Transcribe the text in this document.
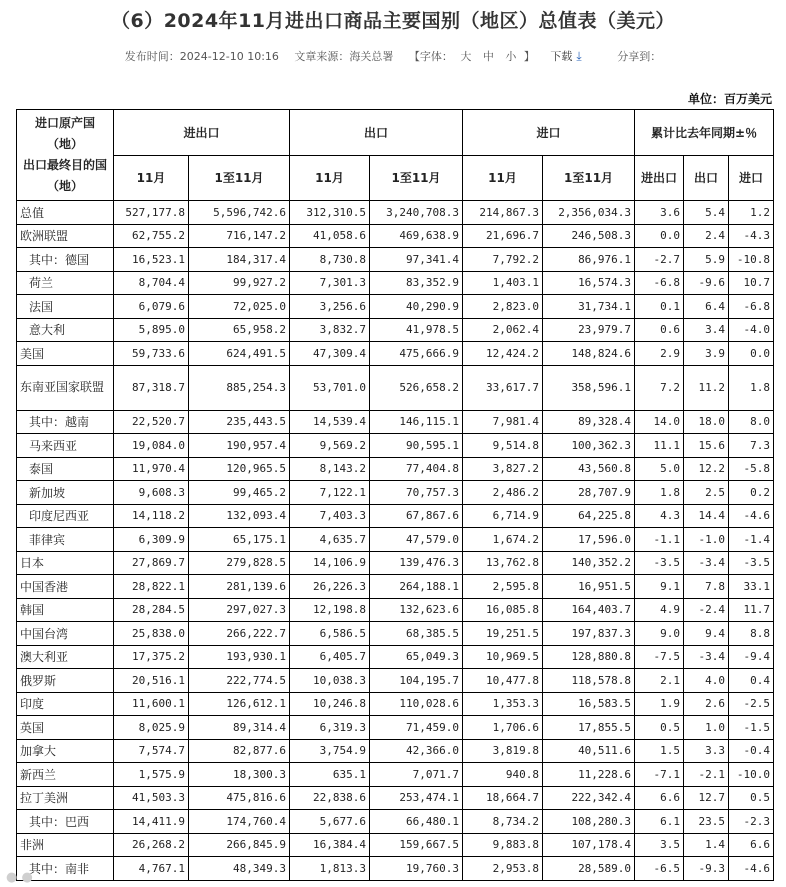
（6）2024年11月进出口商品主要国别（地区）总值表（美元）
发布时间：2024-12-10 10:16 文章来源：海关总署 【字体： 大 中 小 】 下载 ⤓	分享到：
单位：百万美元
进口原产国（地）
出口最终目的国（地）	进出口		出口		进口		累计比去年同期±％		
	11月	1至11月	11月	1至11月	11月	1至11月	进出口	出口	进口
总值	527,177.8	5,596,742.6	312,310.5	3,240,708.3	214,867.3	2,356,034.3	3.6	5.4	1.2
欧洲联盟	62,755.2	716,147.2	41,058.6	469,638.9	21,696.7	246,508.3	0.0	2.4	-4.3
其中：德国	16,523.1	184,317.4	8,730.8	97,341.4	7,792.2	86,976.1	-2.7	5.9	-10.8
荷兰	8,704.4	99,927.2	7,301.3	83,352.9	1,403.1	16,574.3	-6.8	-9.6	10.7
法国	6,079.6	72,025.0	3,256.6	40,290.9	2,823.0	31,734.1	0.1	6.4	-6.8
意大利	5,895.0	65,958.2	3,832.7	41,978.5	2,062.4	23,979.7	0.6	3.4	-4.0
美国	59,733.6	624,491.5	47,309.4	475,666.9	12,424.2	148,824.6	2.9	3.9	0.0
东南亚国家联盟	87,318.7	885,254.3	53,701.0	526,658.2	33,617.7	358,596.1	7.2	11.2	1.8
其中：越南	22,520.7	235,443.5	14,539.4	146,115.1	7,981.4	89,328.4	14.0	18.0	8.0
马来西亚	19,084.0	190,957.4	9,569.2	90,595.1	9,514.8	100,362.3	11.1	15.6	7.3
泰国	11,970.4	120,965.5	8,143.2	77,404.8	3,827.2	43,560.8	5.0	12.2	-5.8
新加坡	9,608.3	99,465.2	7,122.1	70,757.3	2,486.2	28,707.9	1.8	2.5	0.2
印度尼西亚	14,118.2	132,093.4	7,403.3	67,867.6	6,714.9	64,225.8	4.3	14.4	-4.6
菲律宾	6,309.9	65,175.1	4,635.7	47,579.0	1,674.2	17,596.0	-1.1	-1.0	-1.4
日本	27,869.7	279,828.5	14,106.9	139,476.3	13,762.8	140,352.2	-3.5	-3.4	-3.5
中国香港	28,822.1	281,139.6	26,226.3	264,188.1	2,595.8	16,951.5	9.1	7.8	33.1
韩国	28,284.5	297,027.3	12,198.8	132,623.6	16,085.8	164,403.7	4.9	-2.4	11.7
中国台湾	25,838.0	266,222.7	6,586.5	68,385.5	19,251.5	197,837.3	9.0	9.4	8.8
澳大利亚	17,375.2	193,930.1	6,405.7	65,049.3	10,969.5	128,880.8	-7.5	-3.4	-9.4
俄罗斯	20,516.1	222,774.5	10,038.3	104,195.7	10,477.8	118,578.8	2.1	4.0	0.4
印度	11,600.1	126,612.1	10,246.8	110,028.6	1,353.3	16,583.5	1.9	2.6	-2.5
英国	8,025.9	89,314.4	6,319.3	71,459.0	1,706.6	17,855.5	0.5	1.0	-1.5
加拿大	7,574.7	82,877.6	3,754.9	42,366.0	3,819.8	40,511.6	1.5	3.3	-0.4
新西兰	1,575.9	18,300.3	635.1	7,071.7	940.8	11,228.6	-7.1	-2.1	-10.0
拉丁美洲	41,503.3	475,816.6	22,838.6	253,474.1	18,664.7	222,342.4	6.6	12.7	0.5
其中：巴西	14,411.9	174,760.4	5,677.6	66,480.1	8,734.2	108,280.3	6.1	23.5	-2.3
非洲	26,268.2	266,845.9	16,384.4	159,667.5	9,883.8	107,178.4	3.5	1.4	6.6
其中：南非	4,767.1	48,349.3	1,813.3	19,760.3	2,953.8	28,589.0	-6.5	-9.3	-4.6
● ●
